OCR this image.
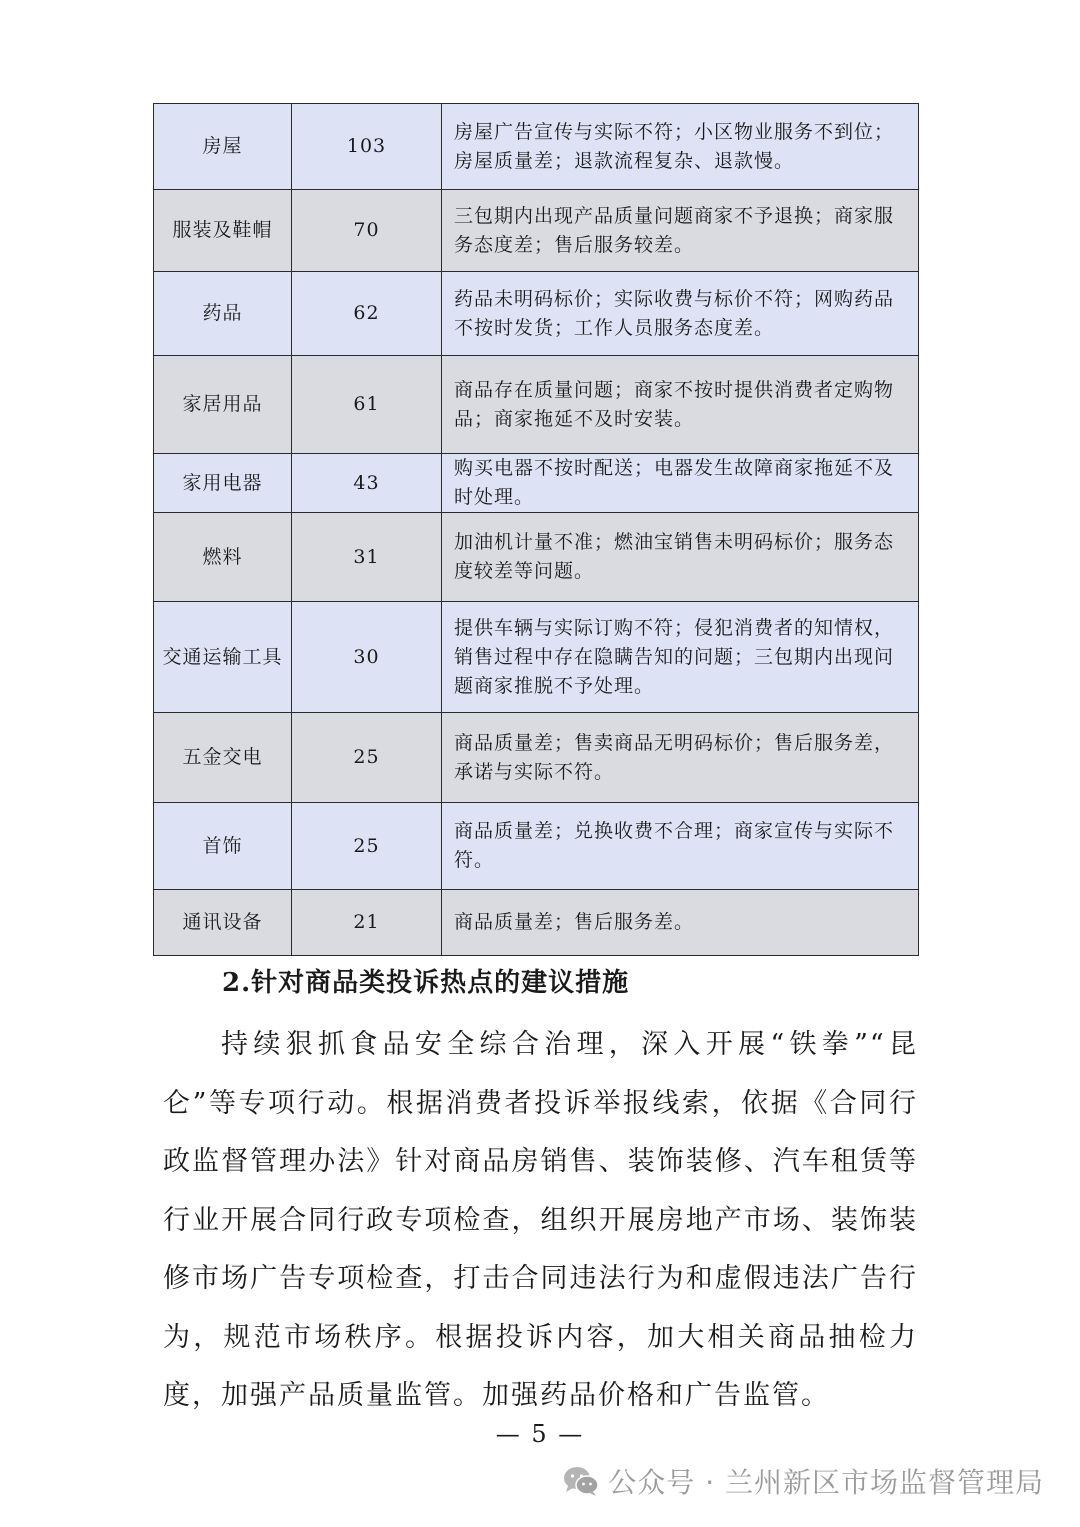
房屋	103	房屋广告宣传与实际不符；小区物业服务不到位；房屋质量差；退款流程复杂、退款慢。
服装及鞋帽	70	三包期内出现产品质量问题商家不予退换；商家服务态度差；售后服务较差。
药品	62	药品未明码标价；实际收费与标价不符；网购药品不按时发货；工作人员服务态度差。
家居用品	61	商品存在质量问题；商家不按时提供消费者定购物品；商家拖延不及时安装。
家用电器	43	购买电器不按时配送；电器发生故障商家拖延不及时处理。
燃料	31	加油机计量不准；燃油宝销售未明码标价；服务态度较差等问题。
交通运输工具	30	提供车辆与实际订购不符；侵犯消费者的知情权，销售过程中存在隐瞒告知的问题；三包期内出现问题商家推脱不予处理。
五金交电	25	商品质量差；售卖商品无明码标价；售后服务差，承诺与实际不符。
首饰	25	商品质量差；兑换收费不合理；商家宣传与实际不符。
通讯设备	21	商品质量差；售后服务差。
2.针对商品类投诉热点的建议措施

持续狠抓食品安全综合治理，深入开展“铁拳”“昆仑”等专项行动。根据消费者投诉举报线索，依据《合同行政监督管理办法》针对商品房销售、装饰装修、汽车租赁等行业开展合同行政专项检查，组织开展房地产市场、装饰装修市场广告专项检查，打击合同违法行为和虚假违法广告行为，规范市场秩序。根据投诉内容，加大相关商品抽检力度，加强产品质量监管。加强药品价格和广告监管。

— 5 —
公众号 · 兰州新区市场监督管理局
